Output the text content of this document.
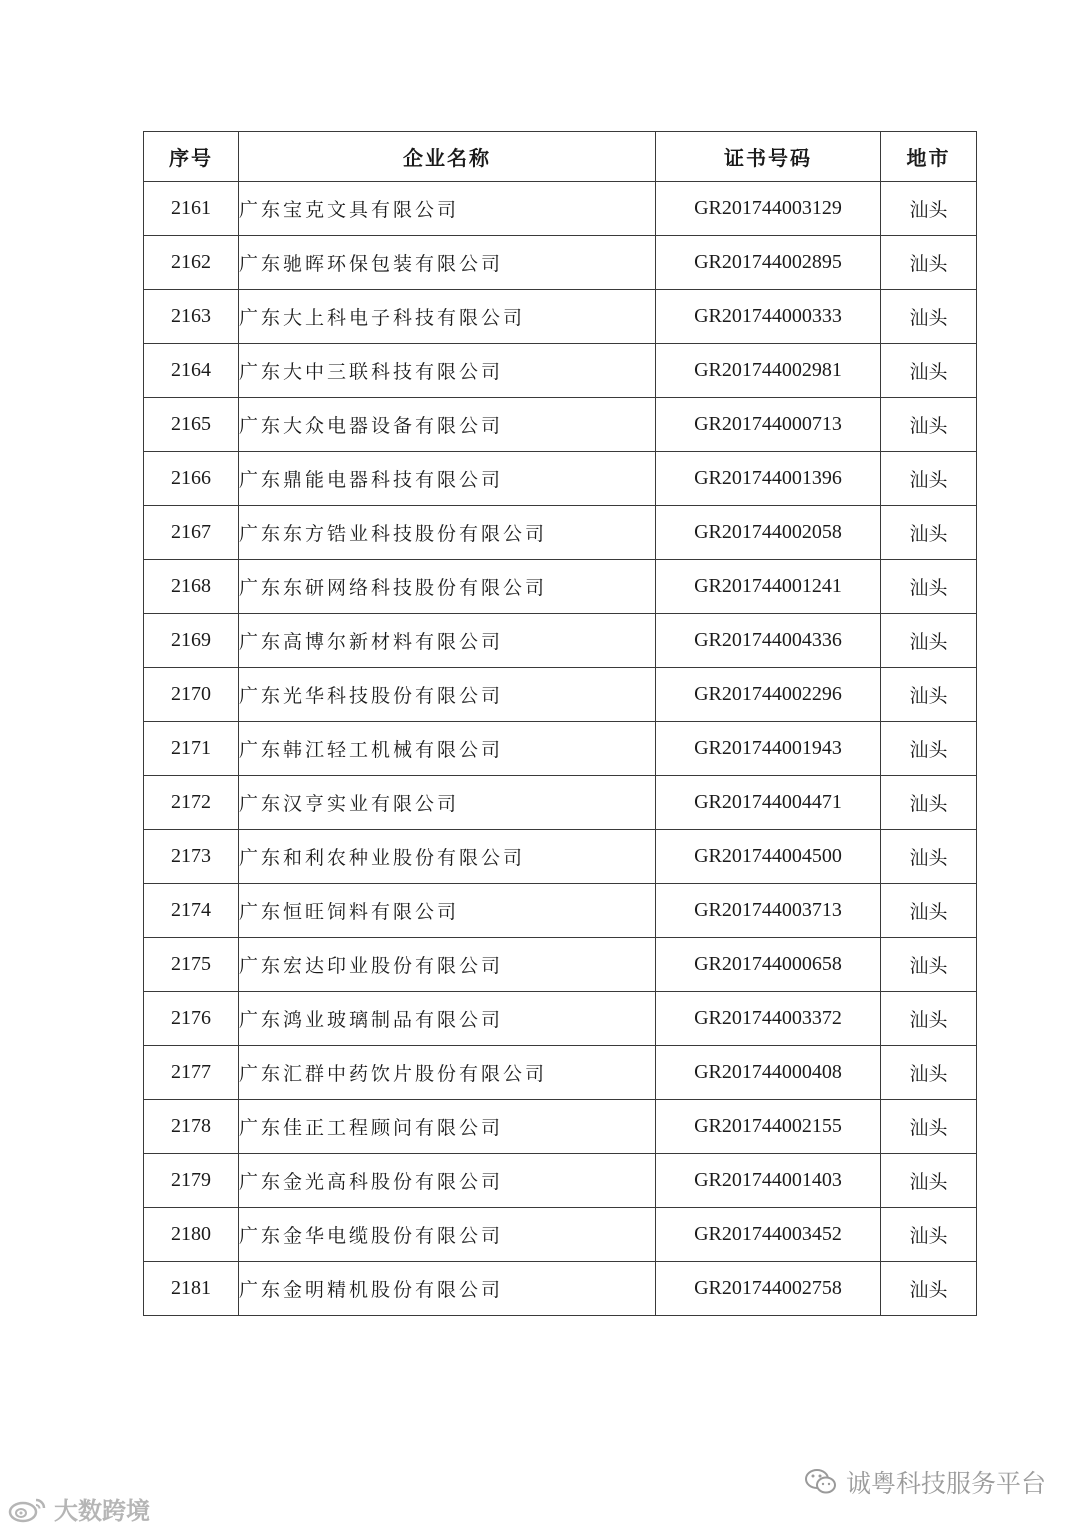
序号	企业名称	证书号码	地市
2161	广东宝克文具有限公司	GR201744003129	汕头
2162	广东驰晖环保包装有限公司	GR201744002895	汕头
2163	广东大上科电子科技有限公司	GR201744000333	汕头
2164	广东大中三联科技有限公司	GR201744002981	汕头
2165	广东大众电器设备有限公司	GR201744000713	汕头
2166	广东鼎能电器科技有限公司	GR201744001396	汕头
2167	广东东方锆业科技股份有限公司	GR201744002058	汕头
2168	广东东研网络科技股份有限公司	GR201744001241	汕头
2169	广东高博尔新材料有限公司	GR201744004336	汕头
2170	广东光华科技股份有限公司	GR201744002296	汕头
2171	广东韩江轻工机械有限公司	GR201744001943	汕头
2172	广东汉亨实业有限公司	GR201744004471	汕头
2173	广东和利农种业股份有限公司	GR201744004500	汕头
2174	广东恒旺饲料有限公司	GR201744003713	汕头
2175	广东宏达印业股份有限公司	GR201744000658	汕头
2176	广东鸿业玻璃制品有限公司	GR201744003372	汕头
2177	广东汇群中药饮片股份有限公司	GR201744000408	汕头
2178	广东佳正工程顾问有限公司	GR201744002155	汕头
2179	广东金光高科股份有限公司	GR201744001403	汕头
2180	广东金华电缆股份有限公司	GR201744003452	汕头
2181	广东金明精机股份有限公司	GR201744002758	汕头
诚粤科技服务平台
大数跨境
